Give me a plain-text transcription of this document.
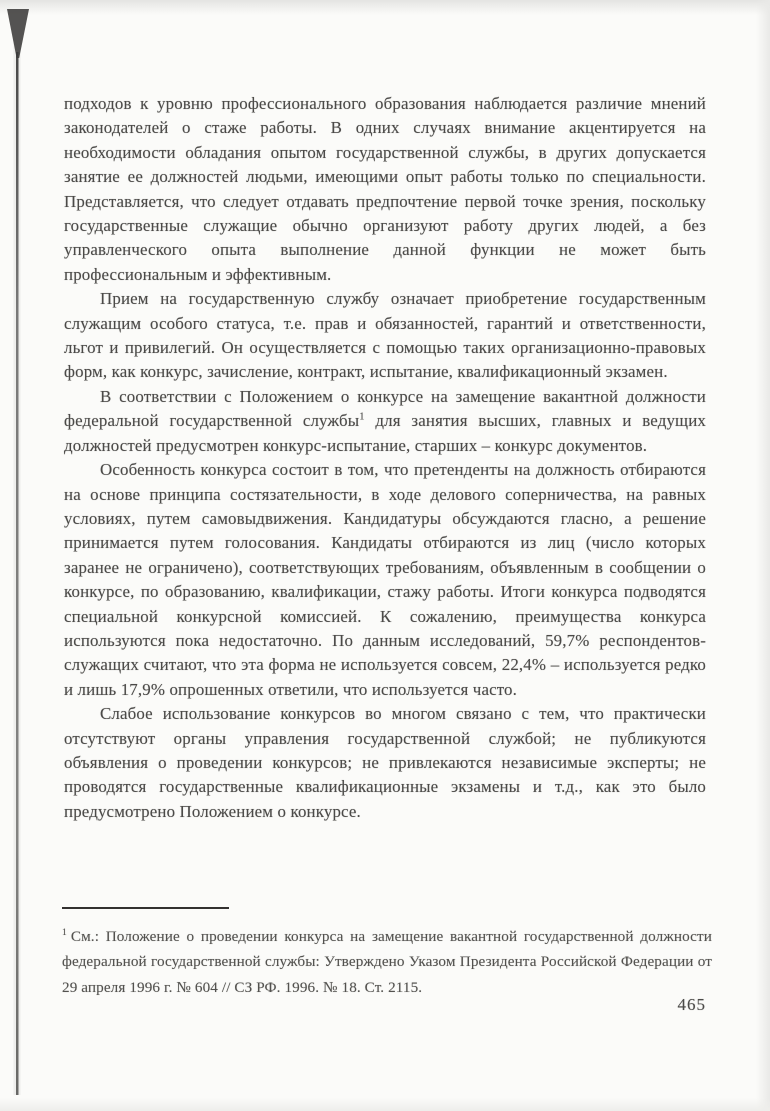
подходов к уровню профессионального образования наблюдается различие мнений законодателей о стаже работы. В одних случаях внимание акцентируется на необходимости обладания опытом государственной службы, в других допускается занятие ее должностей людьми, имеющими опыт работы только по специальности. Представляется, что следует отдавать предпочтение первой точке зрения, поскольку государственные служащие обычно организуют работу других людей, а без управленческого опыта выполнение данной функции не может быть профессиональным и эффективным.

Прием на государственную службу означает приобретение государственным служащим особого статуса, т.е. прав и обязанностей, гарантий и ответственности, льгот и привилегий. Он осуществляется с помощью таких организационно-правовых форм, как конкурс, зачисление, контракт, испытание, квалификационный экзамен.

В соответствии с Положением о конкурсе на замещение вакантной должности федеральной государственной службы$^1$ для занятия высших, главных и ведущих должностей предусмотрен конкурс-испытание, старших – конкурс документов.

Особенность конкурса состоит в том, что претенденты на должность отбираются на основе принципа состязательности, в ходе делового соперничества, на равных условиях, путем самовыдвижения. Кандидатуры обсуждаются гласно, а решение принимается путем голосования. Кандидаты отбираются из лиц (число которых заранее не ограничено), соответствующих требованиям, объявленным в сообщении о конкурсе, по образованию, квалификации, стажу работы. Итоги конкурса подводятся специальной конкурсной комиссией. К сожалению, преимущества конкурса используются пока недостаточно. По данным исследований, 59,7% респондентов-служащих считают, что эта форма не используется совсем, 22,4% – используется редко и лишь 17,9% опрошенных ответили, что используется часто.

Слабое использование конкурсов во многом связано с тем, что практически отсутствуют органы управления государственной службой; не публикуются объявления о проведении конкурсов; не привлекаются независимые эксперты; не проводятся государственные квалификационные экзамены и т.д., как это было предусмотрено Положением о конкурсе.

$^1$ См.: Положение о проведении конкурса на замещение вакантной государственной должности федеральной государственной службы: Утверждено Указом Президента Российской Федерации от 29 апреля 1996 г. № 604 // СЗ РФ. 1996. № 18. Ст. 2115.
465
